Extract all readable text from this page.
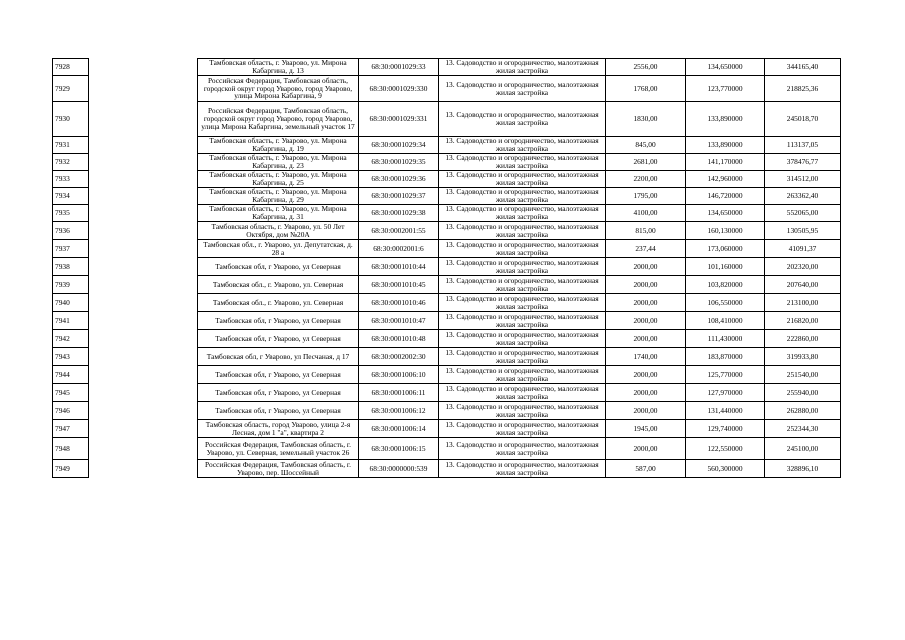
7928		Тамбовская область, г. Уварово, ул. Мирона Кабаргина, д. 13	68:30:0001029:33	13. Садоводство и огородничество, малоэтажная жилая застройка	2556,00	134,650000	344165,40
7929		Российская Федерация, Тамбовская область, городской округ город Уварово, город Уварово, улица Мирона Кабаргина, 9	68:30:0001029:330	13. Садоводство и огородничество, малоэтажная жилая застройка	1768,00	123,770000	218825,36
7930		Российская Федерация, Тамбовская область, городской округ город Уварово, город Уварово, улица Мирона Кабаргина, земельный участок 17	68:30:0001029:331	13. Садоводство и огородничество, малоэтажная жилая застройка	1830,00	133,890000	245018,70
7931		Тамбовская область, г. Уварово, ул. Мирона Кабаргина, д. 19	68:30:0001029:34	13. Садоводство и огородничество, малоэтажная жилая застройка	845,00	133,890000	113137,05
7932		Тамбовская область, г. Уварово, ул. Мирона Кабаргина, д. 23	68:30:0001029:35	13. Садоводство и огородничество, малоэтажная жилая застройка	2681,00	141,170000	378476,77
7933		Тамбовская область, г. Уварово, ул. Мирона Кабаргина, д. 25	68:30:0001029:36	13. Садоводство и огородничество, малоэтажная жилая застройка	2200,00	142,960000	314512,00
7934		Тамбовская область, г. Уварово, ул. Мирона Кабаргина, д. 29	68:30:0001029:37	13. Садоводство и огородничество, малоэтажная жилая застройка	1795,00	146,720000	263362,40
7935		Тамбовская область, г. Уварово, ул. Мирона Кабаргина, д. 31	68:30:0001029:38	13. Садоводство и огородничество, малоэтажная жилая застройка	4100,00	134,650000	552065,00
7936		Тамбовская область, г. Уварово, ул. 50 Лет Октября, дом №20А	68:30:0002001:55	13. Садоводство и огородничество, малоэтажная жилая застройка	815,00	160,130000	130505,95
7937		Тамбовская обл., г. Уварово, ул. Депутатская, д. 28 а	68:30:0002001:6	13. Садоводство и огородничество, малоэтажная жилая застройка	237,44	173,060000	41091,37
7938		Тамбовская обл, г Уварово, ул Северная	68:30:0001010:44	13. Садоводство и огородничество, малоэтажная жилая застройка	2000,00	101,160000	202320,00
7939		Тамбовская обл., г. Уварово, ул. Северная	68:30:0001010:45	13. Садоводство и огородничество, малоэтажная жилая застройка	2000,00	103,820000	207640,00
7940		Тамбовская обл., г. Уварово, ул. Северная	68:30:0001010:46	13. Садоводство и огородничество, малоэтажная жилая застройка	2000,00	106,550000	213100,00
7941		Тамбовская обл, г Уварово, ул Северная	68:30:0001010:47	13. Садоводство и огородничество, малоэтажная жилая застройка	2000,00	108,410000	216820,00
7942		Тамбовская обл, г Уварово, ул Северная	68:30:0001010:48	13. Садоводство и огородничество, малоэтажная жилая застройка	2000,00	111,430000	222860,00
7943		Тамбовская обл, г Уварово, ул Песчаная, д 17	68:30:0002002:30	13. Садоводство и огородничество, малоэтажная жилая застройка	1740,00	183,870000	319933,80
7944		Тамбовская обл, г Уварово, ул Северная	68:30:0001006:10	13. Садоводство и огородничество, малоэтажная жилая застройка	2000,00	125,770000	251540,00
7945		Тамбовская обл, г Уварово, ул Северная	68:30:0001006:11	13. Садоводство и огородничество, малоэтажная жилая застройка	2000,00	127,970000	255940,00
7946		Тамбовская обл, г Уварово, ул Северная	68:30:0001006:12	13. Садоводство и огородничество, малоэтажная жилая застройка	2000,00	131,440000	262880,00
7947		Тамбовская область, город Уварово, улица 2-я Лесная, дом 1 "а", квартира 2	68:30:0001006:14	13. Садоводство и огородничество, малоэтажная жилая застройка	1945,00	129,740000	252344,30
7948		Российская Федерация, Тамбовская область, г. Уварово, ул. Северная, земельный участок 26	68:30:0001006:15	13. Садоводство и огородничество, малоэтажная жилая застройка	2000,00	122,550000	245100,00
7949		Российская Федерация, Тамбовская область, г. Уварово, пер. Шоссейный	68:30:0000000:539	13. Садоводство и огородничество, малоэтажная жилая застройка	587,00	560,300000	328896,10
